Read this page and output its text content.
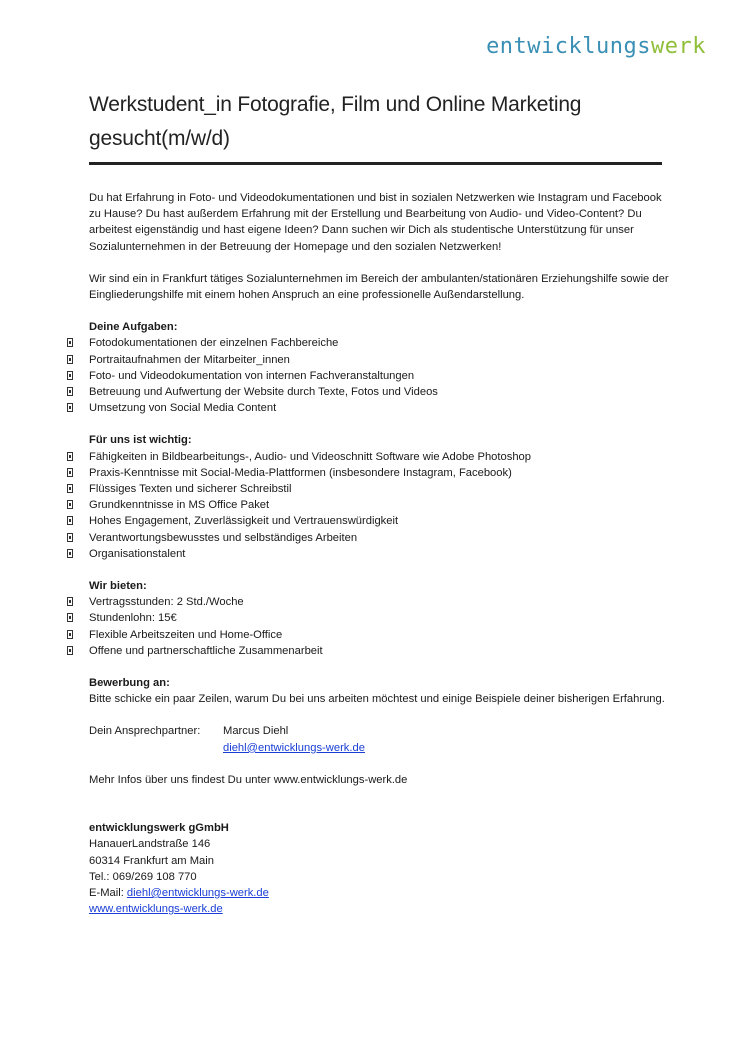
entwicklungswerk
Werkstudent_in Fotografie, Film und Online Marketing gesucht(m/w/d)

Du hat Erfahrung in Foto- und Videodokumentationen und bist in sozialen Netzwerken wie Instagram und Facebook zu Hause? Du hast außerdem Erfahrung mit der Erstellung und Bearbeitung von Audio- und Video-Content? Du arbeitest eigenständig und hast eigene Ideen? Dann suchen wir Dich als studentische Unterstützung für unser Sozialunternehmen in der Betreuung der Homepage und den sozialen Netzwerken!

Wir sind ein in Frankfurt tätiges Sozialunternehmen im Bereich der ambulanten/stationären Erziehungshilfe sowie der Eingliederungshilfe mit einem hohen Anspruch an eine professionelle Außendarstellung.

Deine Aufgaben:

Fotodokumentationen der einzelnen Fachbereiche
Portraitaufnahmen der Mitarbeiter_innen
Foto- und Videodokumentation von internen Fachveranstaltungen
Betreuung und Aufwertung der Website durch Texte, Fotos und Videos
Umsetzung von Social Media Content

Für uns ist wichtig:

Fähigkeiten in Bildbearbeitungs-, Audio- und Videoschnitt Software wie Adobe Photoshop
Praxis-Kenntnisse mit Social-Media-Plattformen (insbesondere Instagram, Facebook)
Flüssiges Texten und sicherer Schreibstil
Grundkenntnisse in MS Office Paket
Hohes Engagement, Zuverlässigkeit und Vertrauenswürdigkeit
Verantwortungsbewusstes und selbständiges Arbeiten
Organisationstalent

Wir bieten:

Vertragsstunden: 2 Std./Woche
Stundenlohn: 15€
Flexible Arbeitszeiten und Home-Office
Offene und partnerschaftliche Zusammenarbeit

Bewerbung an:

Bitte schicke ein paar Zeilen, warum Du bei uns arbeiten möchtest und einige Beispiele deiner bisherigen Erfahrung.

Dein Ansprechpartner:	Marcus Diehl
diehl@entwicklungs-werk.de

Mehr Infos über uns findest Du unter www.entwicklungs-werk.de

entwicklungswerk gGmbH

HanauerLandstraße 146

60314 Frankfurt am Main

Tel.: 069/269 108 770

E-Mail: diehl@entwicklungs-werk.de

www.entwicklungs-werk.de
